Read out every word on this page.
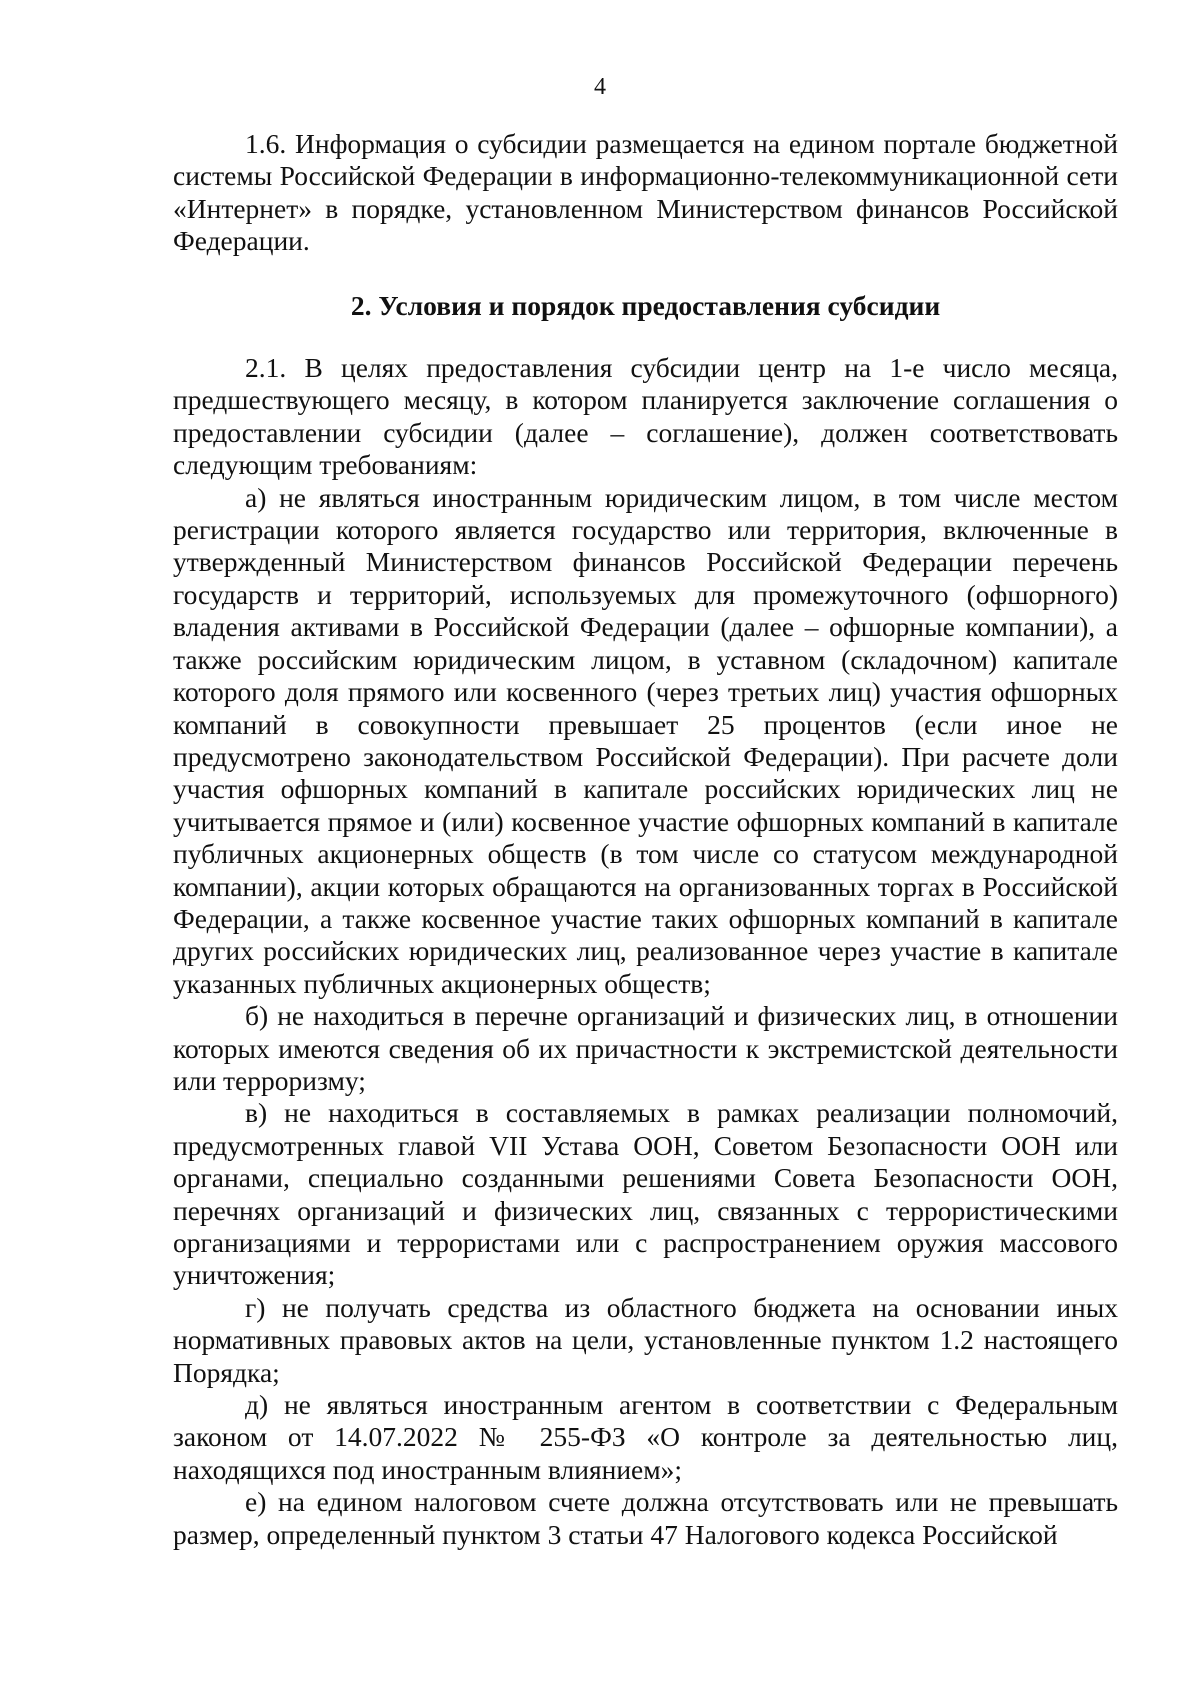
4

1.6. Информация о субсидии размещается на едином портале бюджетной системы Российской Федерации в информационно-телекоммуникационной сети «Интернет» в порядке, установленном Министерством финансов Российской Федерации.

2. Условия и порядок предоставления субсидии

2.1. В целях предоставления субсидии центр на 1-е число месяца, предшествующего месяцу, в котором планируется заключение соглашения о предоставлении субсидии (далее – соглашение), должен соответствовать следующим требованиям:

а) не являться иностранным юридическим лицом, в том числе местом регистрации которого является государство или территория, включенные в утвержденный Министерством финансов Российской Федерации перечень государств и территорий, используемых для промежуточного (офшорного) владения активами в Российской Федерации (далее – офшорные компании), а также российским юридическим лицом, в уставном (складочном) капитале которого доля прямого или косвенного (через третьих лиц) участия офшорных компаний в совокупности превышает 25 процентов (если иное не предусмотрено законодательством Российской Федерации). При расчете доли участия офшорных компаний в капитале российских юридических лиц не учитывается прямое и (или) косвенное участие офшорных компаний в капитале публичных акционерных обществ (в том числе со статусом международной компании), акции которых обращаются на организованных торгах в Российской Федерации, а также косвенное участие таких офшорных компаний в капитале других российских юридических лиц, реализованное через участие в капитале указанных публичных акционерных обществ;

б) не находиться в перечне организаций и физических лиц, в отношении которых имеются сведения об их причастности к экстремистской деятельности или терроризму;

в) не находиться в составляемых в рамках реализации полномочий, предусмотренных главой VII Устава ООН, Советом Безопасности ООН или органами, специально созданными решениями Совета Безопасности ООН, перечнях организаций и физических лиц, связанных с террористическими организациями и террористами или с распространением оружия массового уничтожения;

г) не получать средства из областного бюджета на основании иных нормативных правовых актов на цели, установленные пунктом 1.2 настоящего Порядка;

д) не являться иностранным агентом в соответствии с Федеральным законом от 14.07.2022 № 255-ФЗ «О контроле за деятельностью лиц, находящихся под иностранным влиянием»;

е) на едином налоговом счете должна отсутствовать или не превышать размер, определенный пунктом 3 статьи 47 Налогового кодекса Российской
